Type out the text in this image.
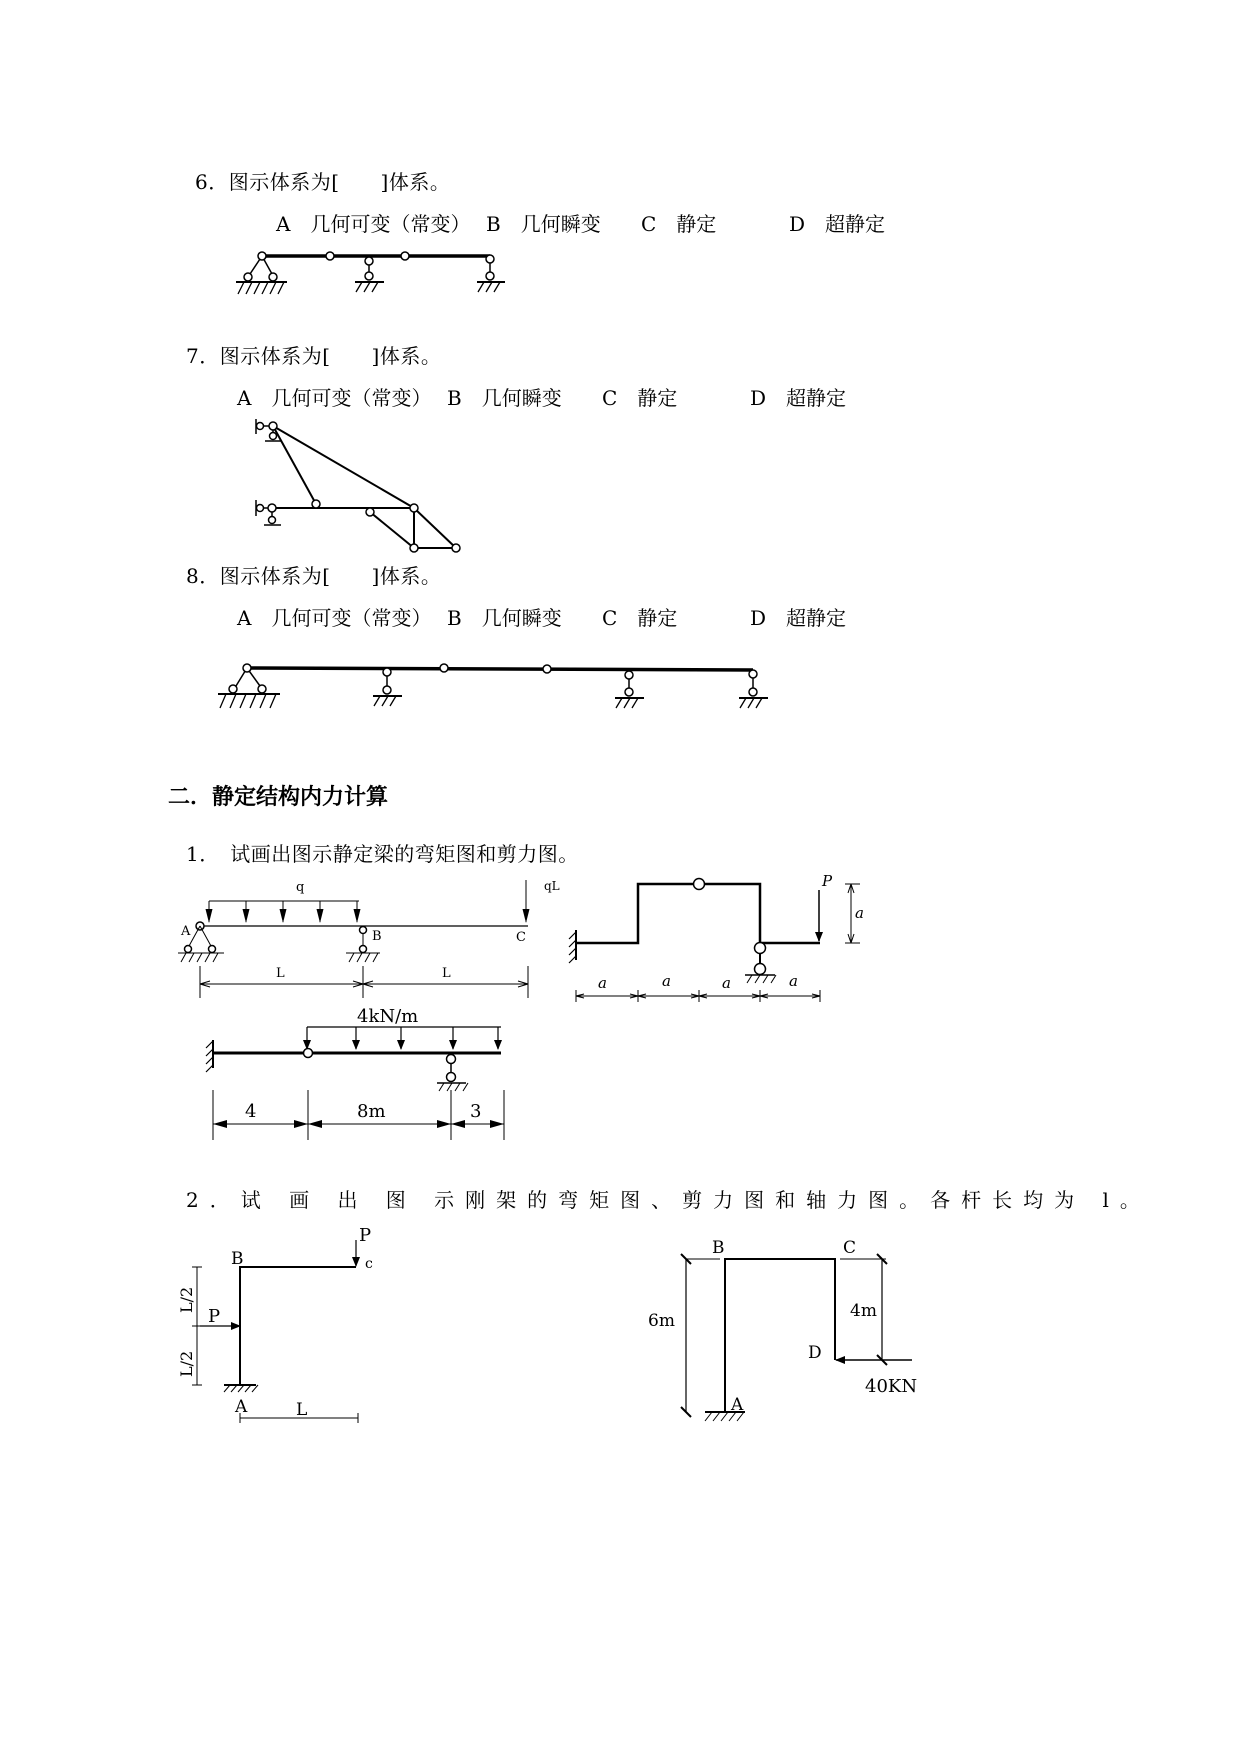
6．图示体系为[　　]体系。
A　几何可变（常变） B　几何瞬变 C　静定	D　超静定
7．图示体系为[　　]体系。
A　几何可变（常变） B　几何瞬变 C　静定	D　超静定
8．图示体系为[　　]体系。
A　几何可变（常变） B　几何瞬变 C　静定	D　超静定
二．静定结构内力计算
1．　试画出图示静定梁的弯矩图和剪力图。
2．试 画 出 图 示刚架的弯矩图、剪力图和轴力图。各杆长均为 l。
q	qL
A	B	C
L	L
P
a
a	a	a	a
4kN/m
4	8m	3
P
c
B
P
L/2
L/2
A	L
B	C
A
D
40KN
6m	4m
